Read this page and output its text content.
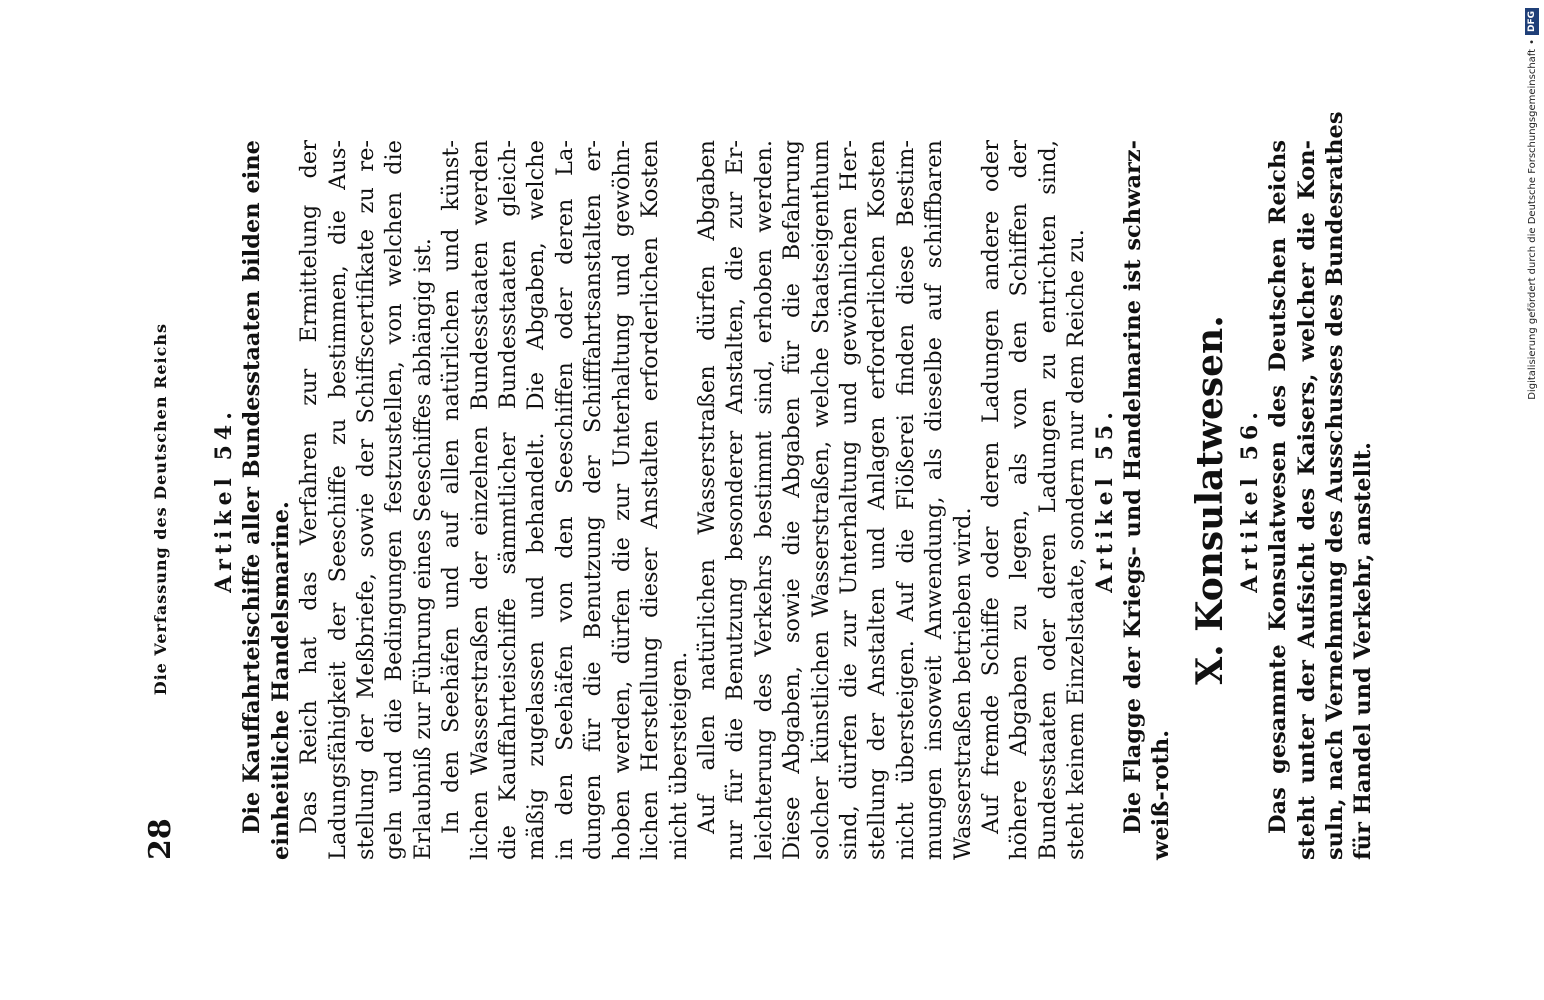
28
Die Verfassung des Deutschen Reichs Artikel 54. Die Kauffahrteischiffe aller Bundesstaaten bilden eine einheitliche Handelsmarine. Das Reich hat das Verfahren zur Ermittelung der Ladungsfähigkeit der Seeschiffe zu bestimmen, die Aus- stellung der Meßbriefe, sowie der Schiffscertifikate zu re- geln und die Bedingungen festzustellen, von welchen die Erlaubniß zur Führung eines Seeschiffes abhängig ist. In den Seehäfen und auf allen natürlichen und künst- lichen Wasserstraßen der einzelnen Bundesstaaten werden die Kauffahrteischiffe sämmtlicher Bundesstaaten gleich- mäßig zugelassen und behandelt. Die Abgaben, welche in den Seehäfen von den Seeschiffen oder deren La- dungen für die Benutzung der Schifffahrtsanstalten er- hoben werden, dürfen die zur Unterhaltung und gewöhn- lichen Herstellung dieser Anstalten erforderlichen Kosten nicht übersteigen. Auf allen natürlichen Wasserstraßen dürfen Abgaben nur für die Benutzung besonderer Anstalten, die zur Er- leichterung des Verkehrs bestimmt sind, erhoben werden. Diese Abgaben, sowie die Abgaben für die Befahrung solcher künstlichen Wasserstraßen, welche Staatseigenthum sind, dürfen die zur Unterhaltung und gewöhnlichen Her- stellung der Anstalten und Anlagen erforderlichen Kosten nicht übersteigen. Auf die Flößerei finden diese Bestim- mungen insoweit Anwendung, als dieselbe auf schiffbaren Wasserstraßen betrieben wird. Auf fremde Schiffe oder deren Ladungen andere oder höhere Abgaben zu legen, als von den Schiffen der Bundesstaaten oder deren Ladungen zu entrichten sind, steht keinem Einzelstaate, sondern nur dem Reiche zu. Artikel 55. Die Flagge der Kriegs- und Handelmarine ist schwarz- weiß-roth.

X. Konsulatwesen. Artikel 56. Das gesammte Konsulatwesen des Deutschen Reichs steht unter der Aufsicht des Kaisers, welcher die Kon- suln, nach Vernehmung des Ausschusses des Bundesrathes für Handel und Verkehr, anstellt.
Digitalisierung gefördert durch die Deutsche Forschungsgemeinschaft
•
DFG
